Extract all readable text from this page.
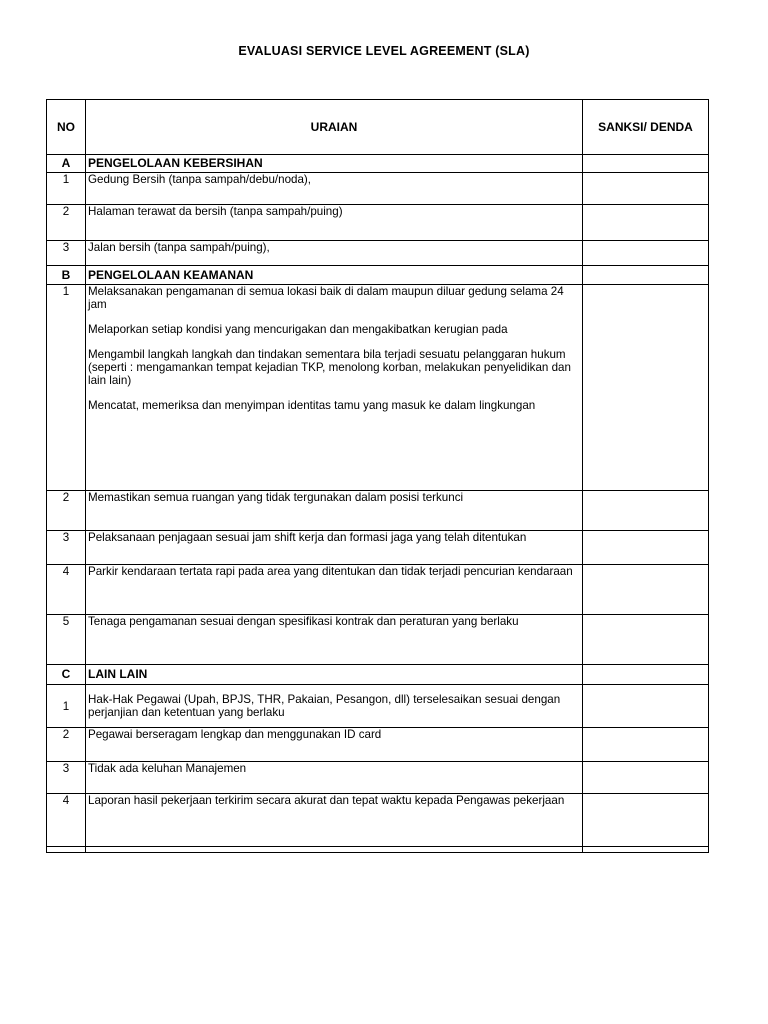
EVALUASI SERVICE LEVEL AGREEMENT (SLA)
NO	URAIAN	SANKSI/ DENDA
A	PENGELOLAAN KEBERSIHAN	
1	Gedung Bersih (tanpa sampah/debu/noda),	
2	Halaman terawat da bersih (tanpa sampah/puing)	
3	Jalan bersih (tanpa sampah/puing),	
B	PENGELOLAAN KEAMANAN	
1	Melaksanakan pengamanan di semua lokasi baik di dalam maupun diluar gedung selama 24 jam

Melaporkan setiap kondisi yang mencurigakan dan mengakibatkan kerugian pada

Mengambil langkah langkah dan tindakan sementara bila terjadi sesuatu pelanggaran hukum (seperti : mengamankan tempat kejadian TKP, menolong korban, melakukan penyelidikan dan lain lain)

Mencatat, memeriksa dan menyimpan identitas tamu yang masuk ke dalam lingkungan	

2	Memastikan semua ruangan yang tidak tergunakan dalam posisi terkunci	
3	Pelaksanaan penjagaan sesuai jam shift kerja dan formasi jaga yang telah ditentukan	
4	Parkir kendaraan tertata rapi pada area yang ditentukan dan tidak terjadi pencurian kendaraan	
5	Tenaga pengamanan sesuai dengan spesifikasi kontrak dan peraturan yang berlaku	
C	LAIN LAIN	
1	Hak-Hak Pegawai (Upah, BPJS, THR, Pakaian, Pesangon, dll) terselesaikan sesuai dengan perjanjian dan ketentuan yang berlaku	
2	Pegawai berseragam lengkap dan menggunakan ID card	
3	Tidak ada keluhan Manajemen	
4	Laporan hasil pekerjaan terkirim secara akurat dan tepat waktu kepada Pengawas pekerjaan	
